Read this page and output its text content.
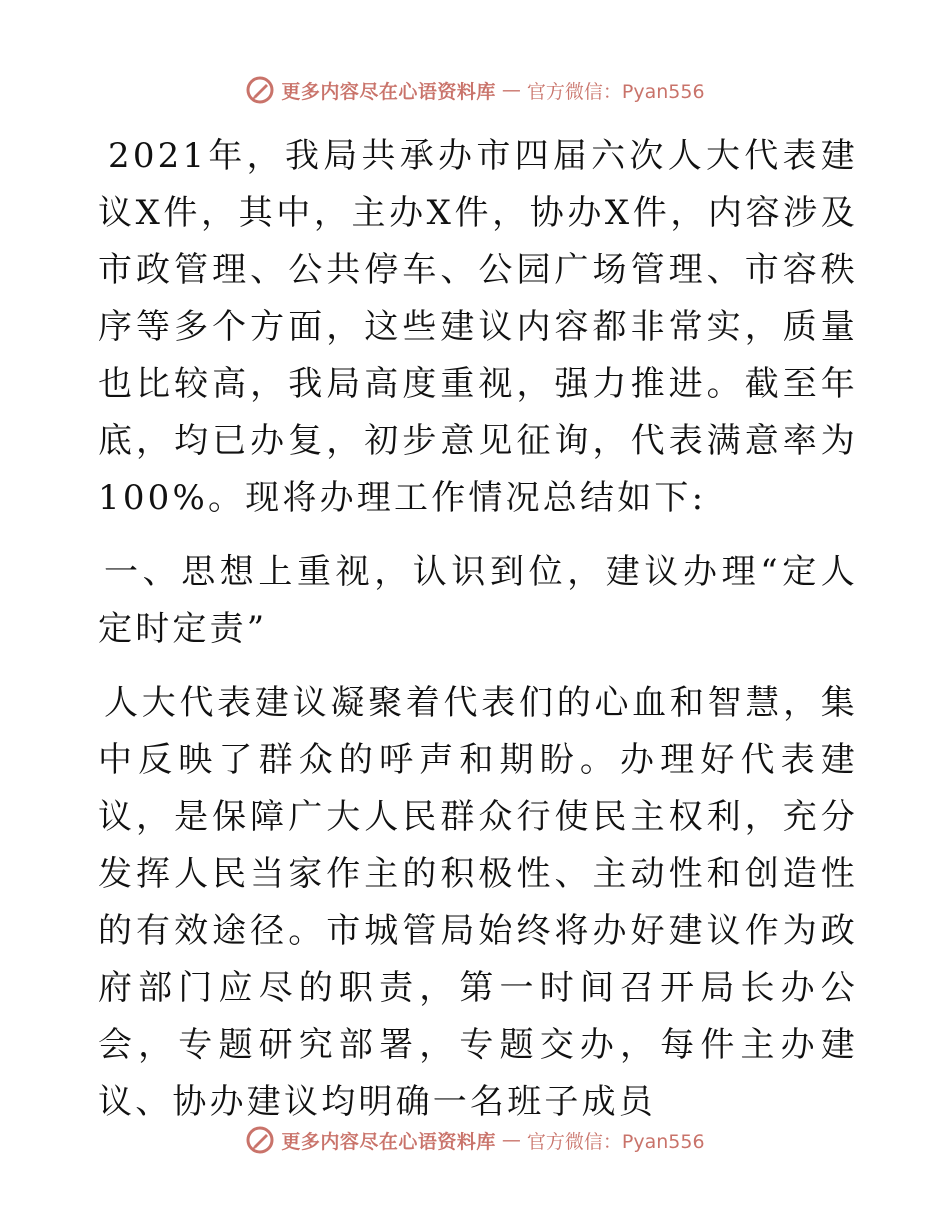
更多内容尽在心语资料库 — 官方微信：Pyan556

2021年，我局共承办市四届六次人大代表建议X件，其中，主办X件，协办X件，内容涉及市政管理、公共停车、公园广场管理、市容秩序等多个方面，这些建议内容都非常实，质量也比较高，我局高度重视，强力推进。截至年底，均已办复，初步意见征询，代表满意率为100%。现将办理工作情况总结如下:

一、思想上重视，认识到位，建议办理“定人定时定责”

人大代表建议凝聚着代表们的心血和智慧，集中反映了群众的呼声和期盼。办理好代表建议，是保障广大人民群众行使民主权利，充分发挥人民当家作主的积极性、主动性和创造性的有效途径。市城管局始终将办好建议作为政府部门应尽的职责，第一时间召开局长办公会，专题研究部署，专题交办，每件主办建议、协办建议均明确一名班子成员

更多内容尽在心语资料库 — 官方微信：Pyan556
